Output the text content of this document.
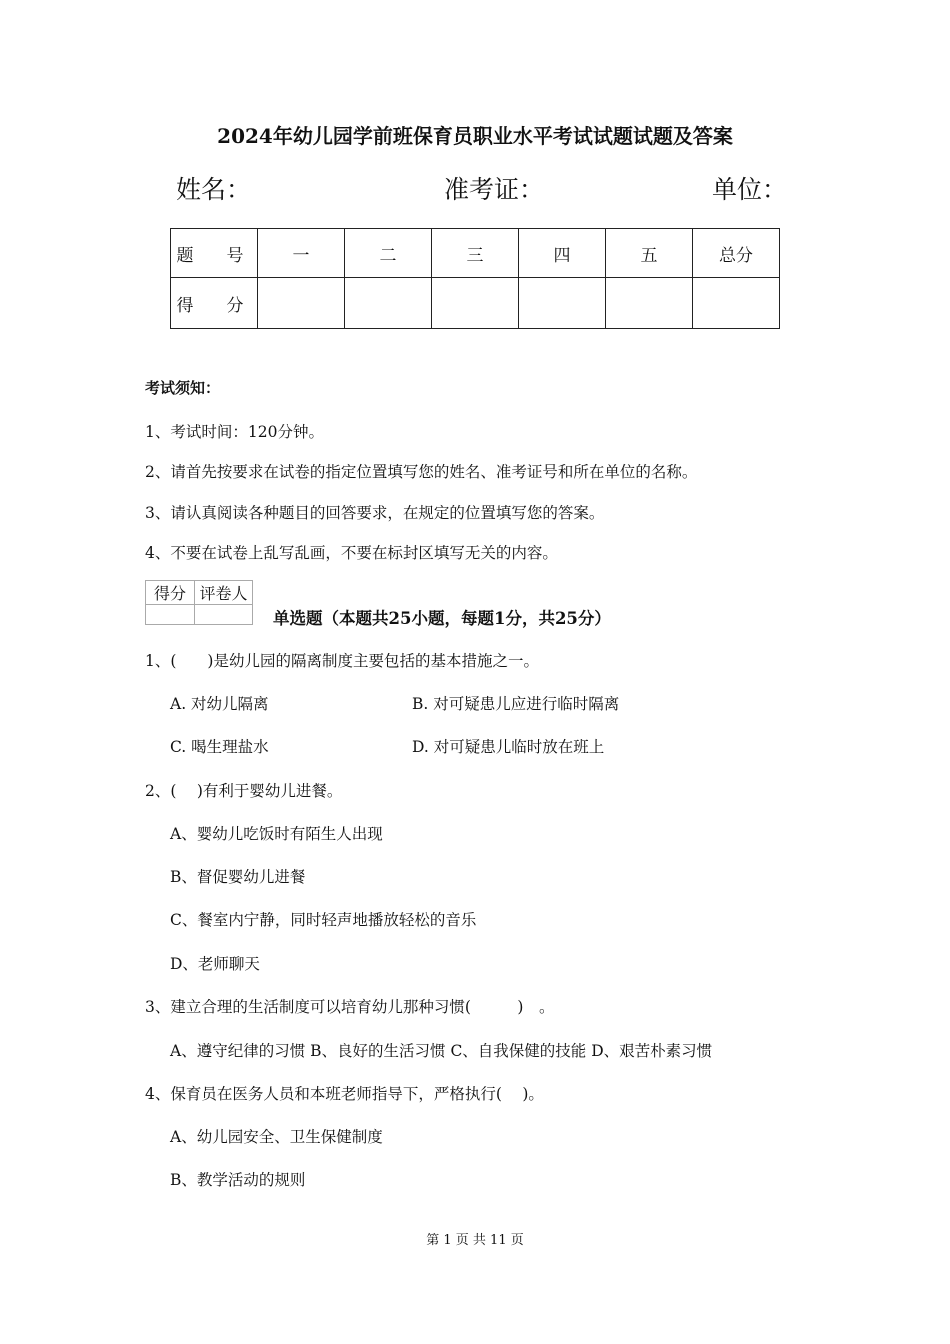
2024年幼儿园学前班保育员职业水平考试试题试题及答案
姓名：	准考证：	单位：
题　号	一	二	三	四	五	总分
得　分						
考试须知：
1、考试时间：120分钟。
2、请首先按要求在试卷的指定位置填写您的姓名、准考证号和所在单位的名称。
3、请认真阅读各种题目的回答要求，在规定的位置填写您的答案。
4、不要在试卷上乱写乱画，不要在标封区填写无关的内容。
得分	评卷人

单选题（本题共25小题，每题1分，共25分）
1、(　　)是幼儿园的隔离制度主要包括的基本措施之一。
A. 对幼儿隔离	B. 对可疑患儿应进行临时隔离
C. 喝生理盐水	D. 对可疑患儿临时放在班上
2、(　 )有利于婴幼儿进餐。
A、婴幼儿吃饭时有陌生人出现
B、督促婴幼儿进餐
C、餐室内宁静，同时轻声地播放轻松的音乐
D、老师聊天
3、建立合理的生活制度可以培育幼儿那种习惯(　　　)　。
A、遵守纪律的习惯 B、良好的生活习惯 C、自我保健的技能 D、艰苦朴素习惯
4、保育员在医务人员和本班老师指导下，严格执行(　 )。
A、幼儿园安全、卫生保健制度
B、教学活动的规则
第 1 页 共 11 页
